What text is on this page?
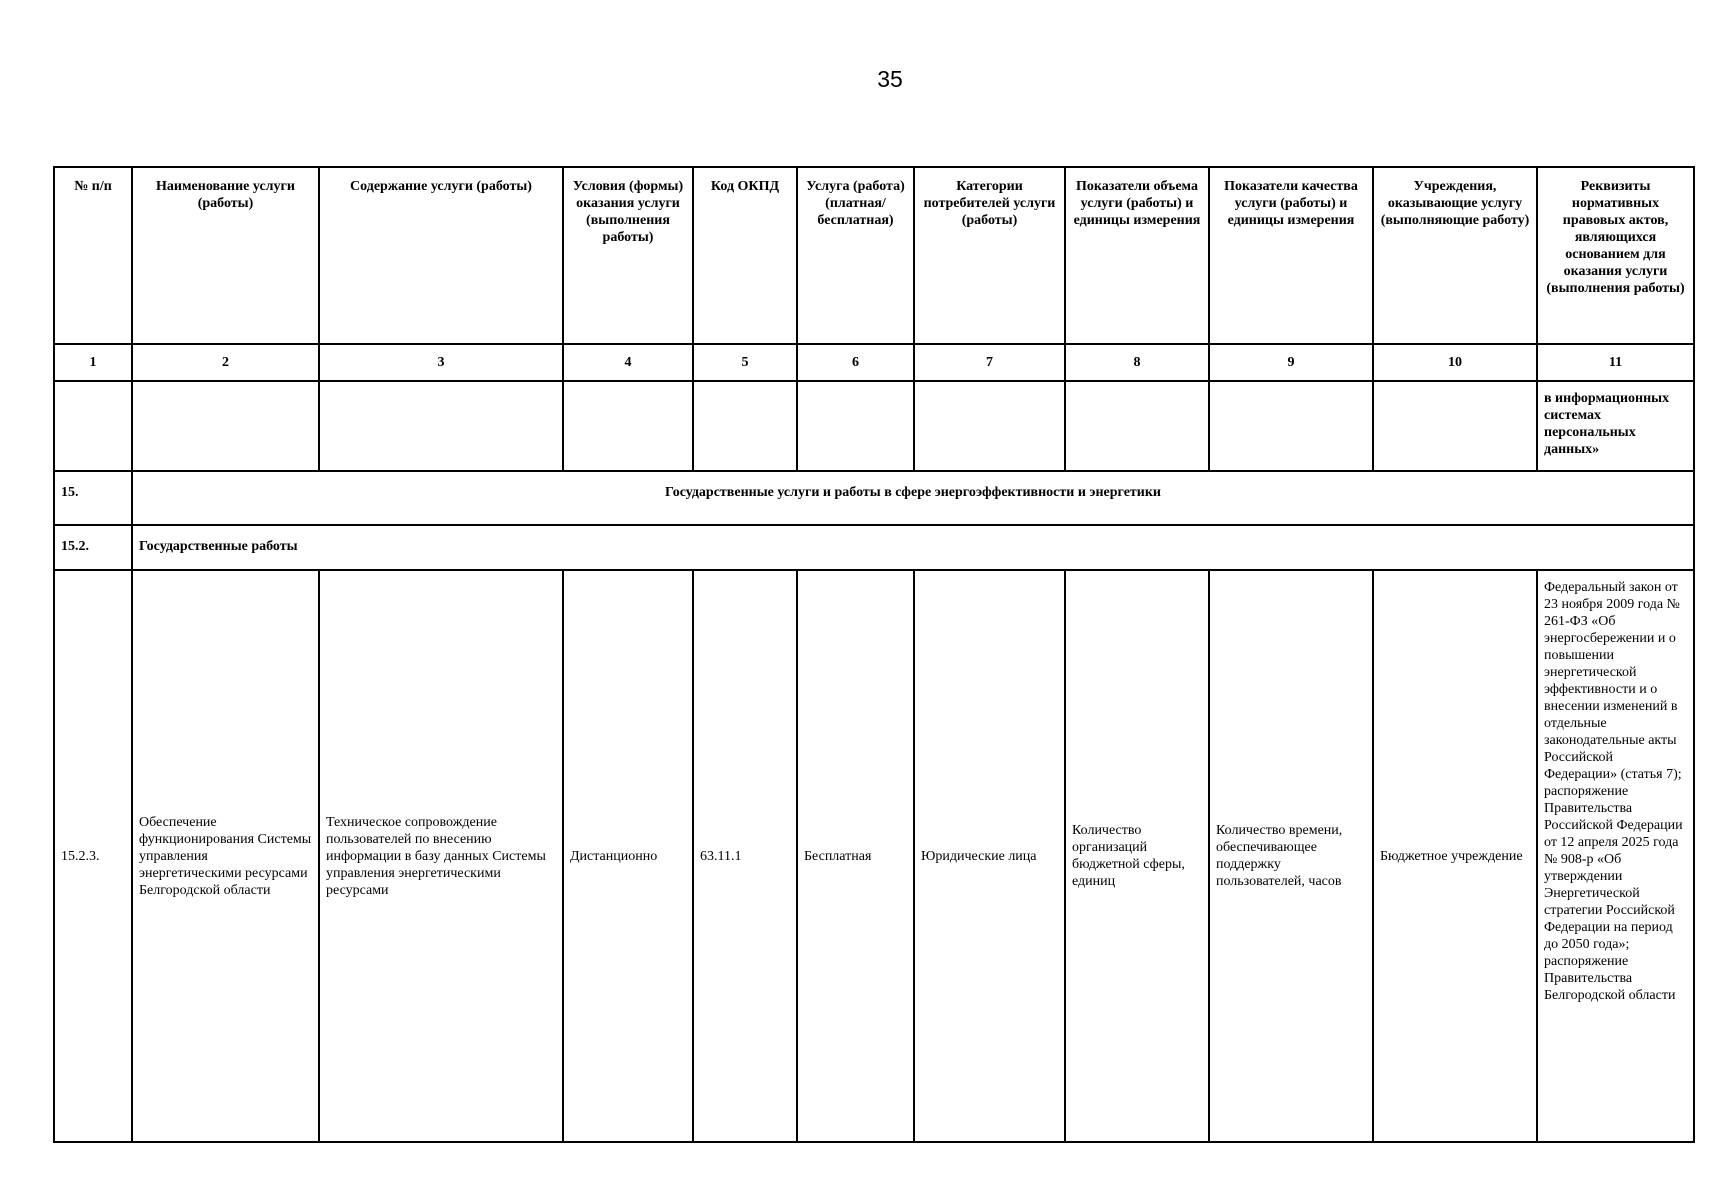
35
№ п/п	Наименование услуги (работы)	Содержание услуги (работы)	Условия (формы) оказания услуги (выполнения работы)	Код ОКПД	Услуга (работа) (платная/ бесплатная)	Категории потребителей услуги (работы)	Показатели объема услуги (работы) и единицы измерения	Показатели качества услуги (работы) и единицы измерения	Учреждения, оказывающие услугу (выполняющие работу)	Реквизиты нормативных правовых актов, являющихся основанием для оказания услуги (выполнения работы)
1	2	3	4	5	6	7	8	9	10	11
										в информационных системах персональных данных»
15.	Государственные услуги и работы в сфере энергоэффективности и энергетики									
15.2.	Государственные работы									
15.2.3.	Обеспечение функционирования Системы управления энергетическими ресурсами Белгородской области	Техническое сопровождение пользователей по внесению информации в базу данных Системы управления энергетическими ресурсами	Дистанционно	63.11.1	Бесплатная	Юридические лица	Количество организаций бюджетной сферы, единиц	Количество времени, обеспечивающее поддержку пользователей, часов	Бюджетное учреждение	Федеральный закон от 23 ноября 2009 года № 261-ФЗ «Об энергосбережении и о повышении энергетической эффективности и о внесении изменений в отдельные законодательные акты Российской Федерации» (статья 7); распоряжение Правительства Российской Федерации от 12 апреля 2025 года № 908-р «Об утверждении Энергетической стратегии Российской Федерации на период до 2050 года»; распоряжение Правительства Белгородской области
